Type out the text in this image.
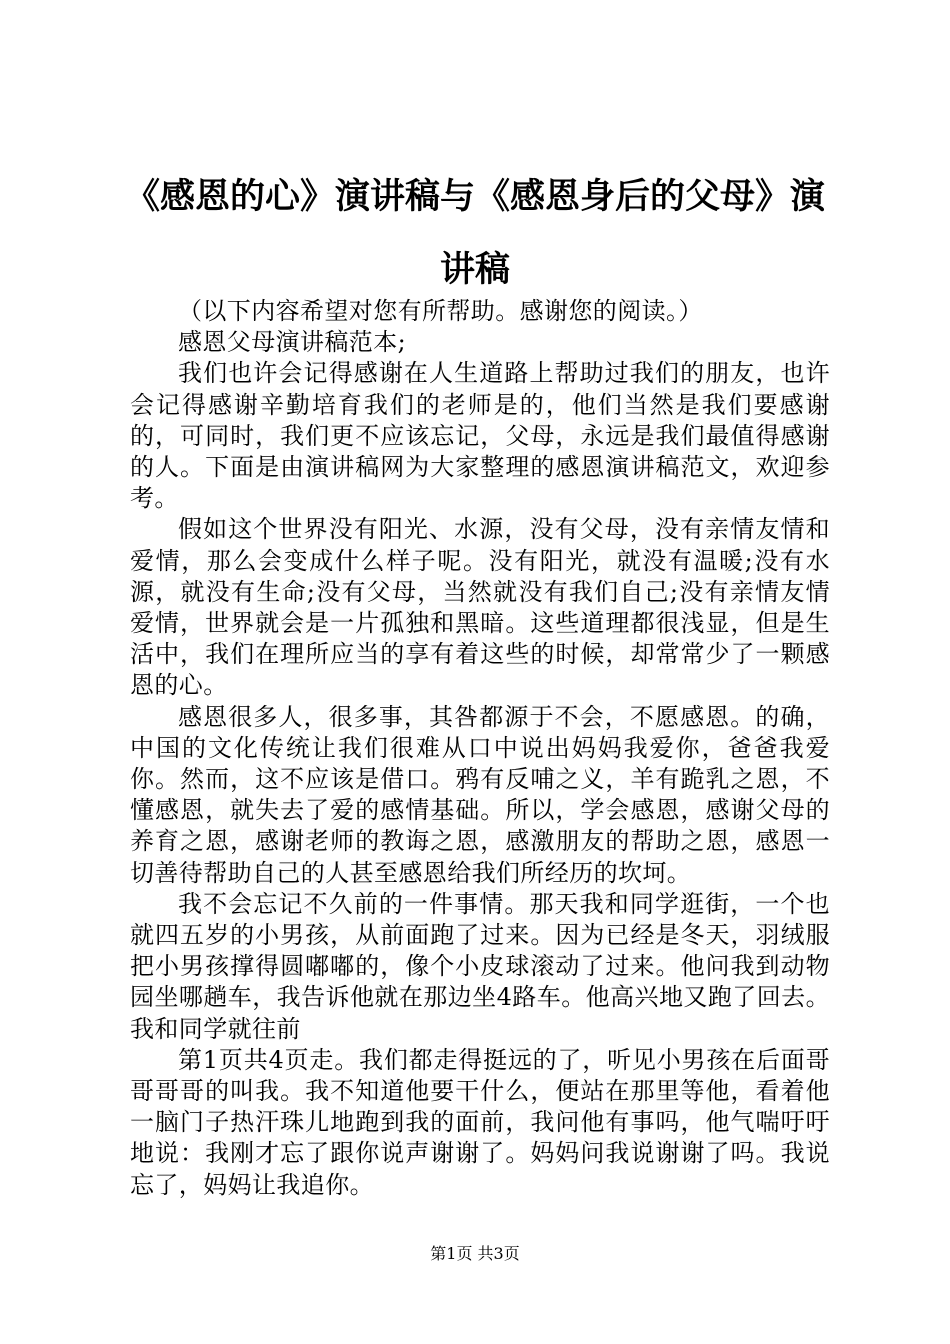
《感恩的心》演讲稿与《感恩身后的父母》演讲稿

（以下内容希望对您有所帮助。感谢您的阅读。）

感恩父母演讲稿范本;

我们也许会记得感谢在人生道路上帮助过我们的朋友，也许会记得感谢辛勤培育我们的老师是的，他们当然是我们要感谢的，可同时，我们更不应该忘记，父母，永远是我们最值得感谢的人。下面是由演讲稿网为大家整理的感恩演讲稿范文，欢迎参考。

假如这个世界没有阳光、水源，没有父母，没有亲情友情和爱情，那么会变成什么样子呢。没有阳光，就没有温暖;没有水源，就没有生命;没有父母，当然就没有我们自己;没有亲情友情爱情，世界就会是一片孤独和黑暗。这些道理都很浅显，但是生活中，我们在理所应当的享有着这些的时候，却常常少了一颗感恩的心。

感恩很多人，很多事，其咎都源于不会，不愿感恩。的确，中国的文化传统让我们很难从口中说出妈妈我爱你，爸爸我爱你。然而，这不应该是借口。鸦有反哺之义，羊有跪乳之恩，不懂感恩，就失去了爱的感情基础。所以，学会感恩，感谢父母的养育之恩，感谢老师的教诲之恩，感激朋友的帮助之恩，感恩一切善待帮助自己的人甚至感恩给我们所经历的坎坷。

我不会忘记不久前的一件事情。那天我和同学逛街，一个也就四五岁的小男孩，从前面跑了过来。因为已经是冬天，羽绒服把小男孩撑得圆嘟嘟的，像个小皮球滚动了过来。他问我到动物园坐哪趟车，我告诉他就在那边坐4路车。他高兴地又跑了回去。我和同学就往前

第1页共4页走。我们都走得挺远的了，听见小男孩在后面哥哥哥哥的叫我。我不知道他要干什么，便站在那里等他，看着他一脑门子热汗珠儿地跑到我的面前，我问他有事吗，他气喘吁吁地说：我刚才忘了跟你说声谢谢了。妈妈问我说谢谢了吗。我说忘了，妈妈让我追你。

第1页 共3页
